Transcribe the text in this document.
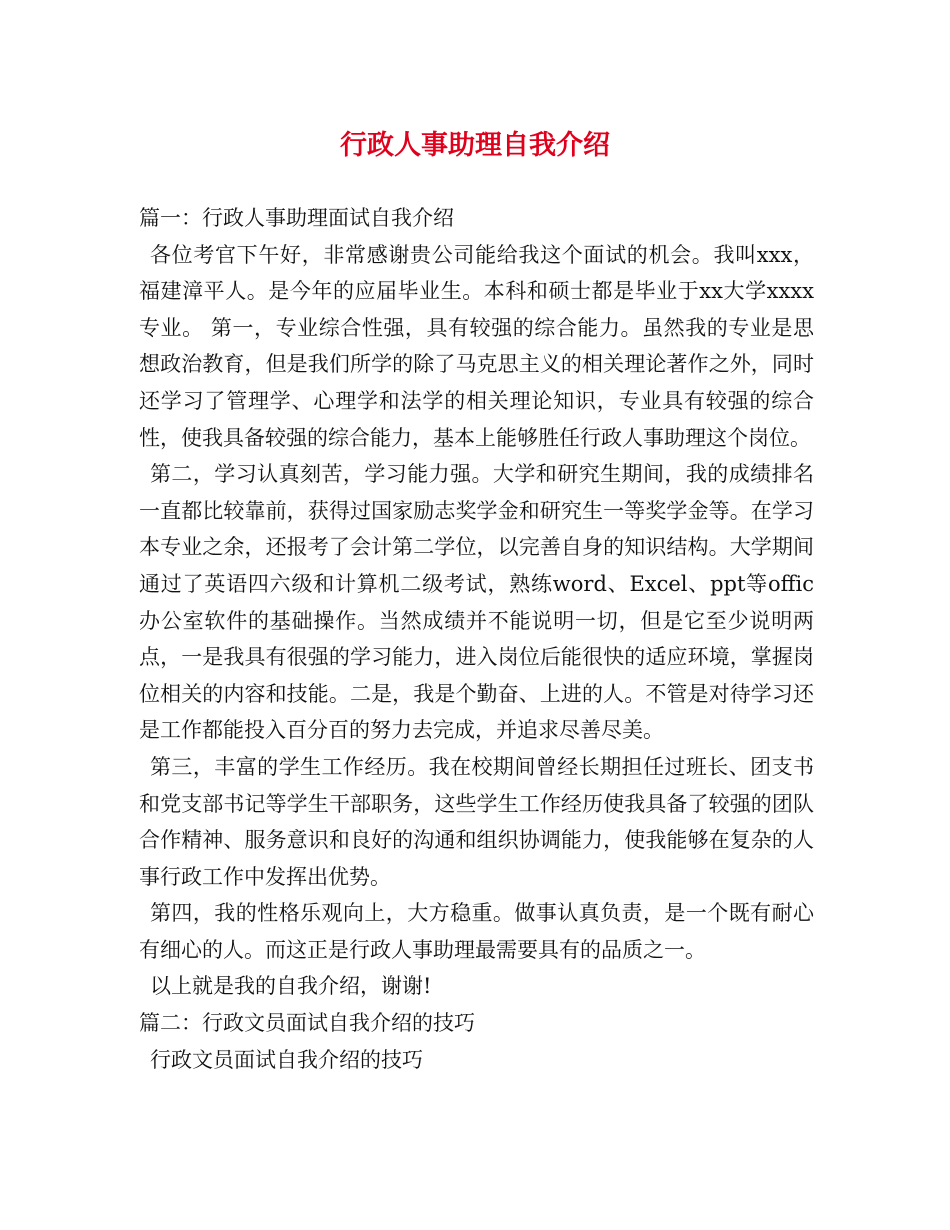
行政人事助理自我介绍

篇一：行政人事助理面试自我介绍

各位考官下午好，非常感谢贵公司能给我这个面试的机会。我叫xxx，福建漳平人。是今年的应届毕业生。本科和硕士都是毕业于xx大学xxxx专业。 第一，专业综合性强，具有较强的综合能力。虽然我的专业是思想政治教育，但是我们所学的除了马克思主义的相关理论著作之外，同时还学习了管理学、心理学和法学的相关理论知识，专业具有较强的综合性，使我具备较强的综合能力，基本上能够胜任行政人事助理这个岗位。

第二，学习认真刻苦，学习能力强。大学和研究生期间，我的成绩排名一直都比较靠前，获得过国家励志奖学金和研究生一等奖学金等。在学习本专业之余，还报考了会计第二学位，以完善自身的知识结构。大学期间通过了英语四六级和计算机二级考试，熟练word、Excel、ppt等offic办公室软件的基础操作。当然成绩并不能说明一切，但是它至少说明两点，一是我具有很强的学习能力，进入岗位后能很快的适应环境，掌握岗位相关的内容和技能。二是，我是个勤奋、上进的人。不管是对待学习还是工作都能投入百分百的努力去完成，并追求尽善尽美。

第三，丰富的学生工作经历。我在校期间曾经长期担任过班长、团支书和党支部书记等学生干部职务，这些学生工作经历使我具备了较强的团队合作精神、服务意识和良好的沟通和组织协调能力，使我能够在复杂的人事行政工作中发挥出优势。

第四，我的性格乐观向上，大方稳重。做事认真负责，是一个既有耐心有细心的人。而这正是行政人事助理最需要具有的品质之一。

以上就是我的自我介绍，谢谢!

篇二：行政文员面试自我介绍的技巧

行政文员面试自我介绍的技巧
